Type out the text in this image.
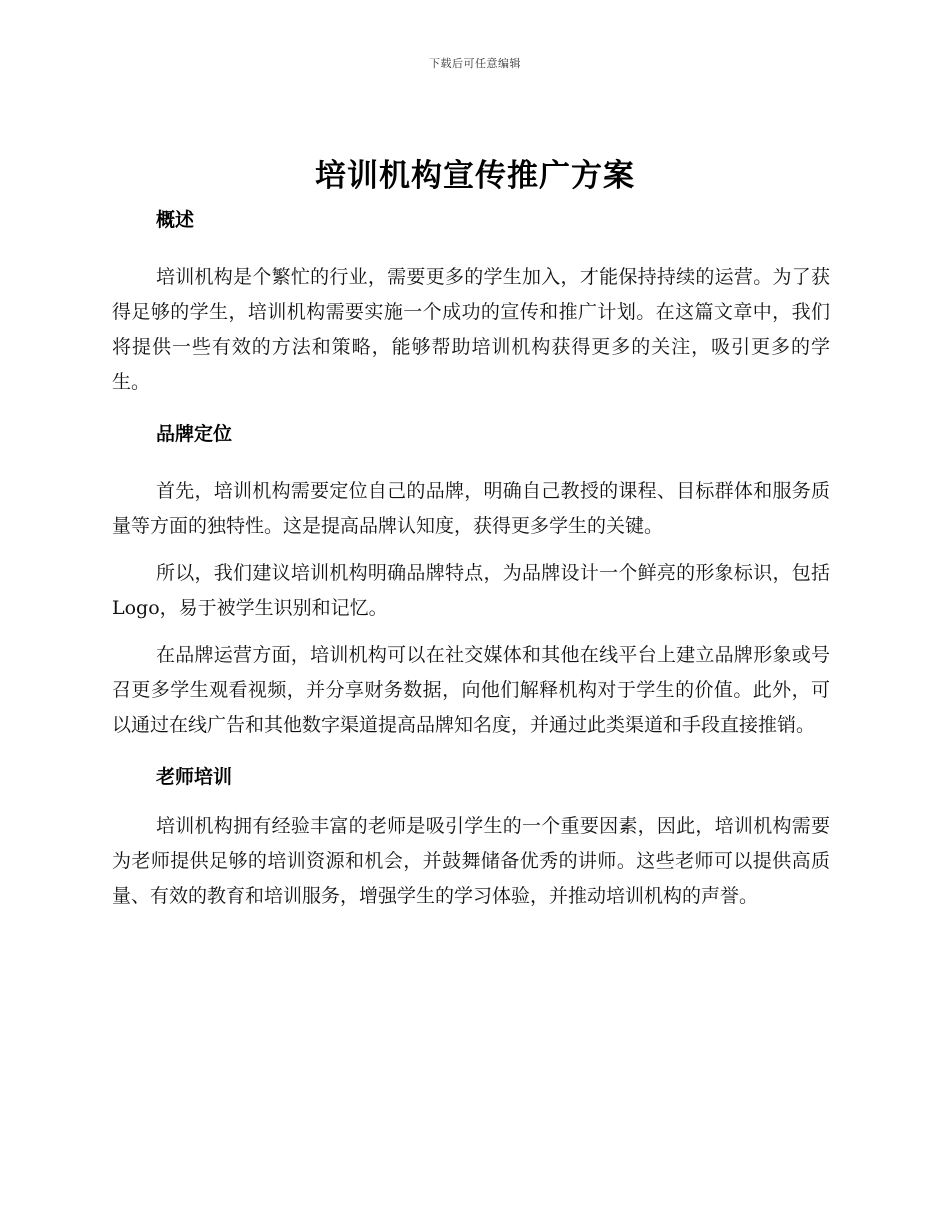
下载后可任意编辑
培训机构宣传推广方案
概述

培训机构是个繁忙的行业，需要更多的学生加入，才能保持持续的运营。为了获得足够的学生，培训机构需要实施一个成功的宣传和推广计划。在这篇文章中，我们将提供一些有效的方法和策略，能够帮助培训机构获得更多的关注，吸引更多的学生。

品牌定位

首先，培训机构需要定位自己的品牌，明确自己教授的课程、目标群体和服务质量等方面的独特性。这是提高品牌认知度，获得更多学生的关键。

所以，我们建议培训机构明确品牌特点，为品牌设计一个鲜亮的形象标识，包括 Logo，易于被学生识别和记忆。

在品牌运营方面，培训机构可以在社交媒体和其他在线平台上建立品牌形象或号召更多学生观看视频，并分享财务数据，向他们解释机构对于学生的价值。此外，可以通过在线广告和其他数字渠道提高品牌知名度，并通过此类渠道和手段直接推销。

老师培训

培训机构拥有经验丰富的老师是吸引学生的一个重要因素，因此，培训机构需要为老师提供足够的培训资源和机会，并鼓舞储备优秀的讲师。这些老师可以提供高质量、有效的教育和培训服务，增强学生的学习体验，并推动培训机构的声誉。
